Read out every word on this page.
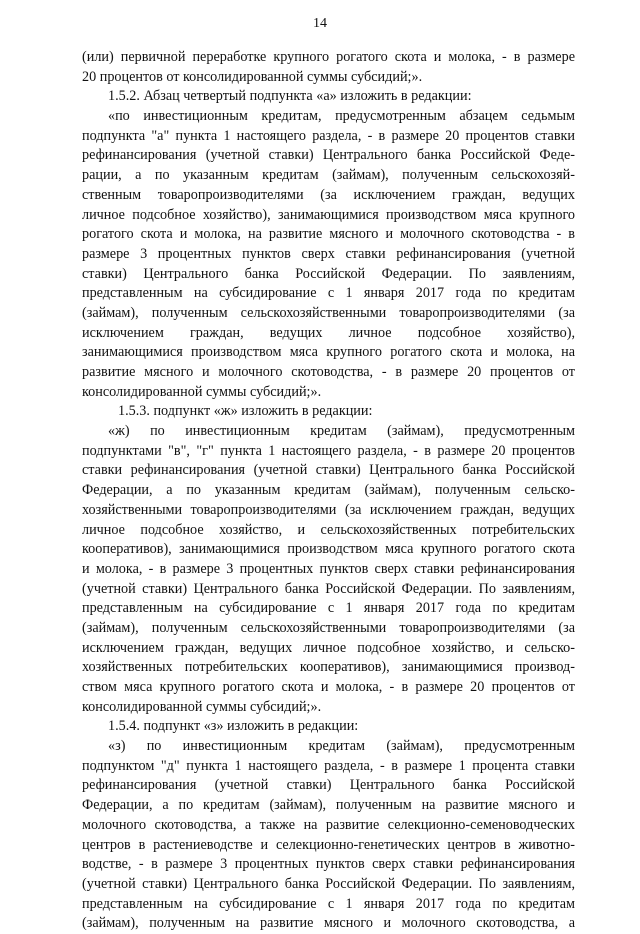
14
(или) первичной переработке крупного рогатого скота и молока, - в размере
20 процентов от консолидированной суммы субсидий;».
1.5.2. Абзац четвертый подпункта «а» изложить в редакции:
«по инвестиционным кредитам, предусмотренным абзацем седьмым
подпункта "а" пункта 1 настоящего раздела, - в размере 20 процентов ставки
рефинансирования (учетной ставки) Центрального банка Российской Феде-
рации, а по указанным кредитам (займам), полученным сельскохозяй-
ственным товаропроизводителями (за исключением граждан, ведущих
личное подсобное хозяйство), занимающимися производством мяса крупного
рогатого скота и молока, на развитие мясного и молочного скотоводства - в
размере 3 процентных пунктов сверх ставки рефинансирования (учетной
ставки) Центрального банка Российской Федерации. По заявлениям,
представленным на субсидирование с 1 января 2017 года по кредитам
(займам), полученным сельскохозяйственными товаропроизводителями (за
исключением граждан, ведущих личное подсобное хозяйство),
занимающимися производством мяса крупного рогатого скота и молока, на
развитие мясного и молочного скотоводства, - в размере 20 процентов от
консолидированной суммы субсидий;».
1.5.3. подпункт «ж» изложить в редакции:
«ж) по инвестиционным кредитам (займам), предусмотренным
подпунктами "в", "г" пункта 1 настоящего раздела, - в размере 20 процентов
ставки рефинансирования (учетной ставки) Центрального банка Российской
Федерации, а по указанным кредитам (займам), полученным сельско-
хозяйственными товаропроизводителями (за исключением граждан, ведущих
личное подсобное хозяйство, и сельскохозяйственных потребительских
кооперативов), занимающимися производством мяса крупного рогатого скота
и молока, - в размере 3 процентных пунктов сверх ставки рефинансирования
(учетной ставки) Центрального банка Российской Федерации. По заявлениям,
представленным на субсидирование с 1 января 2017 года по кредитам
(займам), полученным сельскохозяйственными товаропроизводителями (за
исключением граждан, ведущих личное подсобное хозяйство, и сельско-
хозяйственных потребительских кооперативов), занимающимися производ-
ством мяса крупного рогатого скота и молока, - в размере 20 процентов от
консолидированной суммы субсидий;».
1.5.4. подпункт «з» изложить в редакции:
«з) по инвестиционным кредитам (займам), предусмотренным
подпунктом "д" пункта 1 настоящего раздела, - в размере 1 процента ставки
рефинансирования (учетной ставки) Центрального банка Российской
Федерации, а по кредитам (займам), полученным на развитие мясного и
молочного скотоводства, а также на развитие селекционно-семеноводческих
центров в растениеводстве и селекционно-генетических центров в животно-
водстве, - в размере 3 процентных пунктов сверх ставки рефинансирования
(учетной ставки) Центрального банка Российской Федерации. По заявлениям,
представленным на субсидирование с 1 января 2017 года по кредитам
(займам), полученным на развитие мясного и молочного скотоводства, а
